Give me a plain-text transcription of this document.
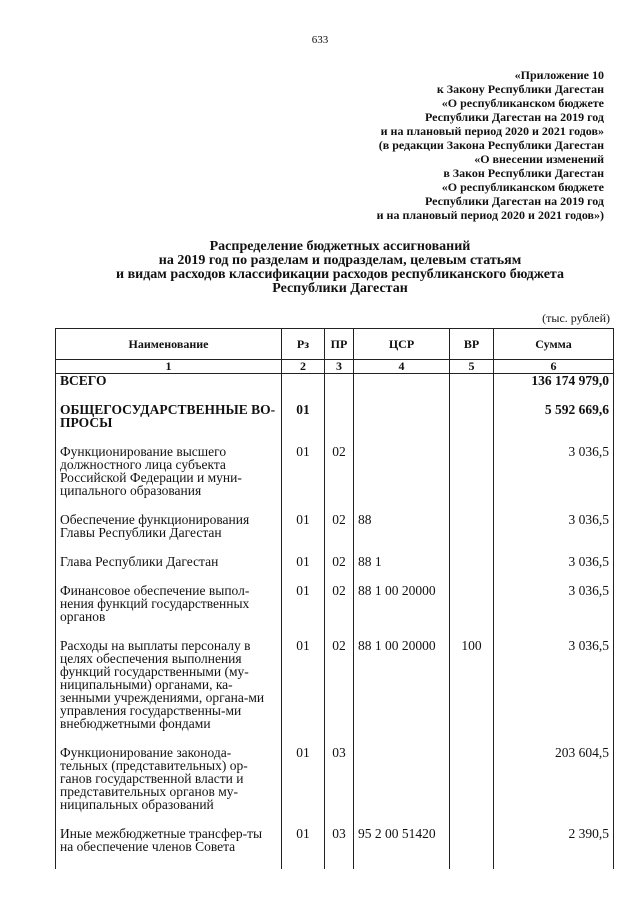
633
«Приложение 10
к Закону Республики Дагестан
«О республиканском бюджете
Республики Дагестан на 2019 год
и на плановый период 2020 и 2021 годов»
(в редакции Закона Республики Дагестан
«О внесении изменений
в Закон Республики Дагестан
«О республиканском бюджете
Республики Дагестан на 2019 год
и на плановый период 2020 и 2021 годов»)
Распределение бюджетных ассигнований
на 2019 год по разделам и подразделам, целевым статьям
и видам расходов классификации расходов республиканского бюджета
Республики Дагестан
(тыс. рублей)
Наименование	Рз	ПР	ЦСР	ВР	Сумма
1	2	3	4	5	6
ВСЕГО					136 174 979,0
ОБЩЕГОСУДАРСТВЕННЫЕ ВО-ПРОСЫ	01				5 592 669,6
Функционирование высшего должностного лица субъекта Российской Федерации и муни-ципального образования	01	02			3 036,5
Обеспечение функционирования Главы Республики Дагестан	01	02	88		3 036,5
Глава Республики Дагестан	01	02	88 1		3 036,5
Финансовое обеспечение выпол-нения функций государственных органов	01	02	88 1 00 20000		3 036,5
Расходы на выплаты персоналу в целях обеспечения выполнения функций государственными (му-ниципальными) органами, ка-зенными учреждениями, органа-ми управления государственны-ми внебюджетными фондами	01	02	88 1 00 20000	100	3 036,5
Функционирование законода-тельных (представительных) ор-ганов государственной власти и представительных органов му-ниципальных образований	01	03			203 604,5
Иные межбюджетные трансфер-ты на обеспечение членов Совета	01	03	95 2 00 51420		2 390,5
